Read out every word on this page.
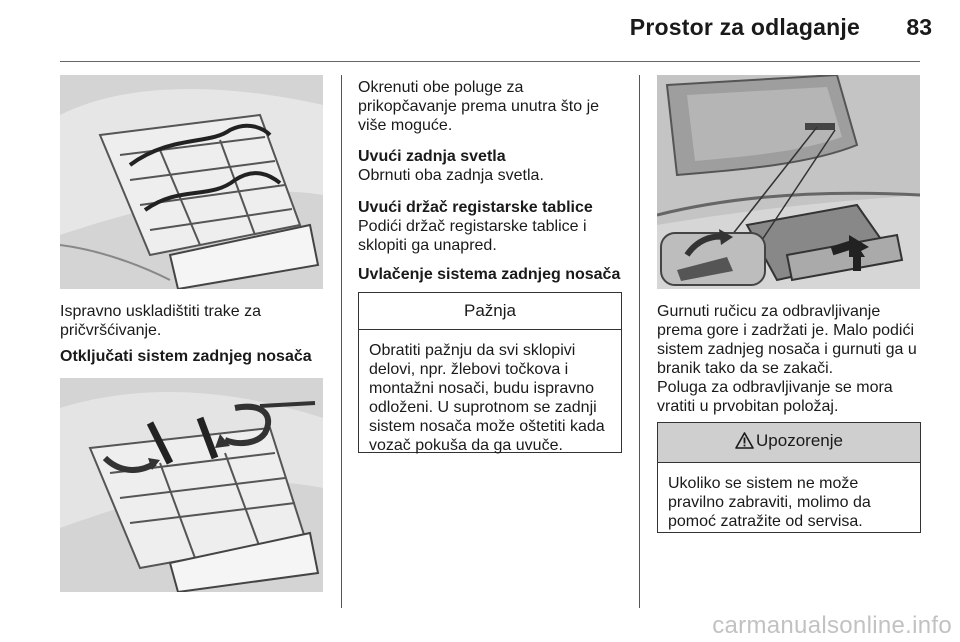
Prostor za odlaganje	83

Ispravno uskladištiti trake za pričvršćivanje.

Otključati sistem zadnjeg nosača

Okrenuti obe poluge za prikopčavanje prema unutra što je više moguće.

Uvući zadnja svetla

Obrnuti oba zadnja svetla.

Uvući držač registarske tablice

Podići držač registarske tablice i sklopiti ga unapred.

Uvlačenje sistema zadnjeg nosača

Pažnja
Obratiti pažnju da svi sklopivi delovi, npr. žlebovi točkova i montažni nosači, budu ispravno odloženi. U suprotnom se zadnji sistem nosača može oštetiti kada vozač pokuša da ga uvuče.

Gurnuti ručicu za odbravljivanje prema gore i zadržati je. Malo podići sistem zadnjeg nosača i gurnuti ga u branik tako da se zakači.

Poluga za odbravljivanje se mora vratiti u prvobitan položaj.

Upozorenje
Ukoliko se sistem ne može pravilno zabraviti, molimo da pomoć zatražite od servisa.
carmanualsonline.info
